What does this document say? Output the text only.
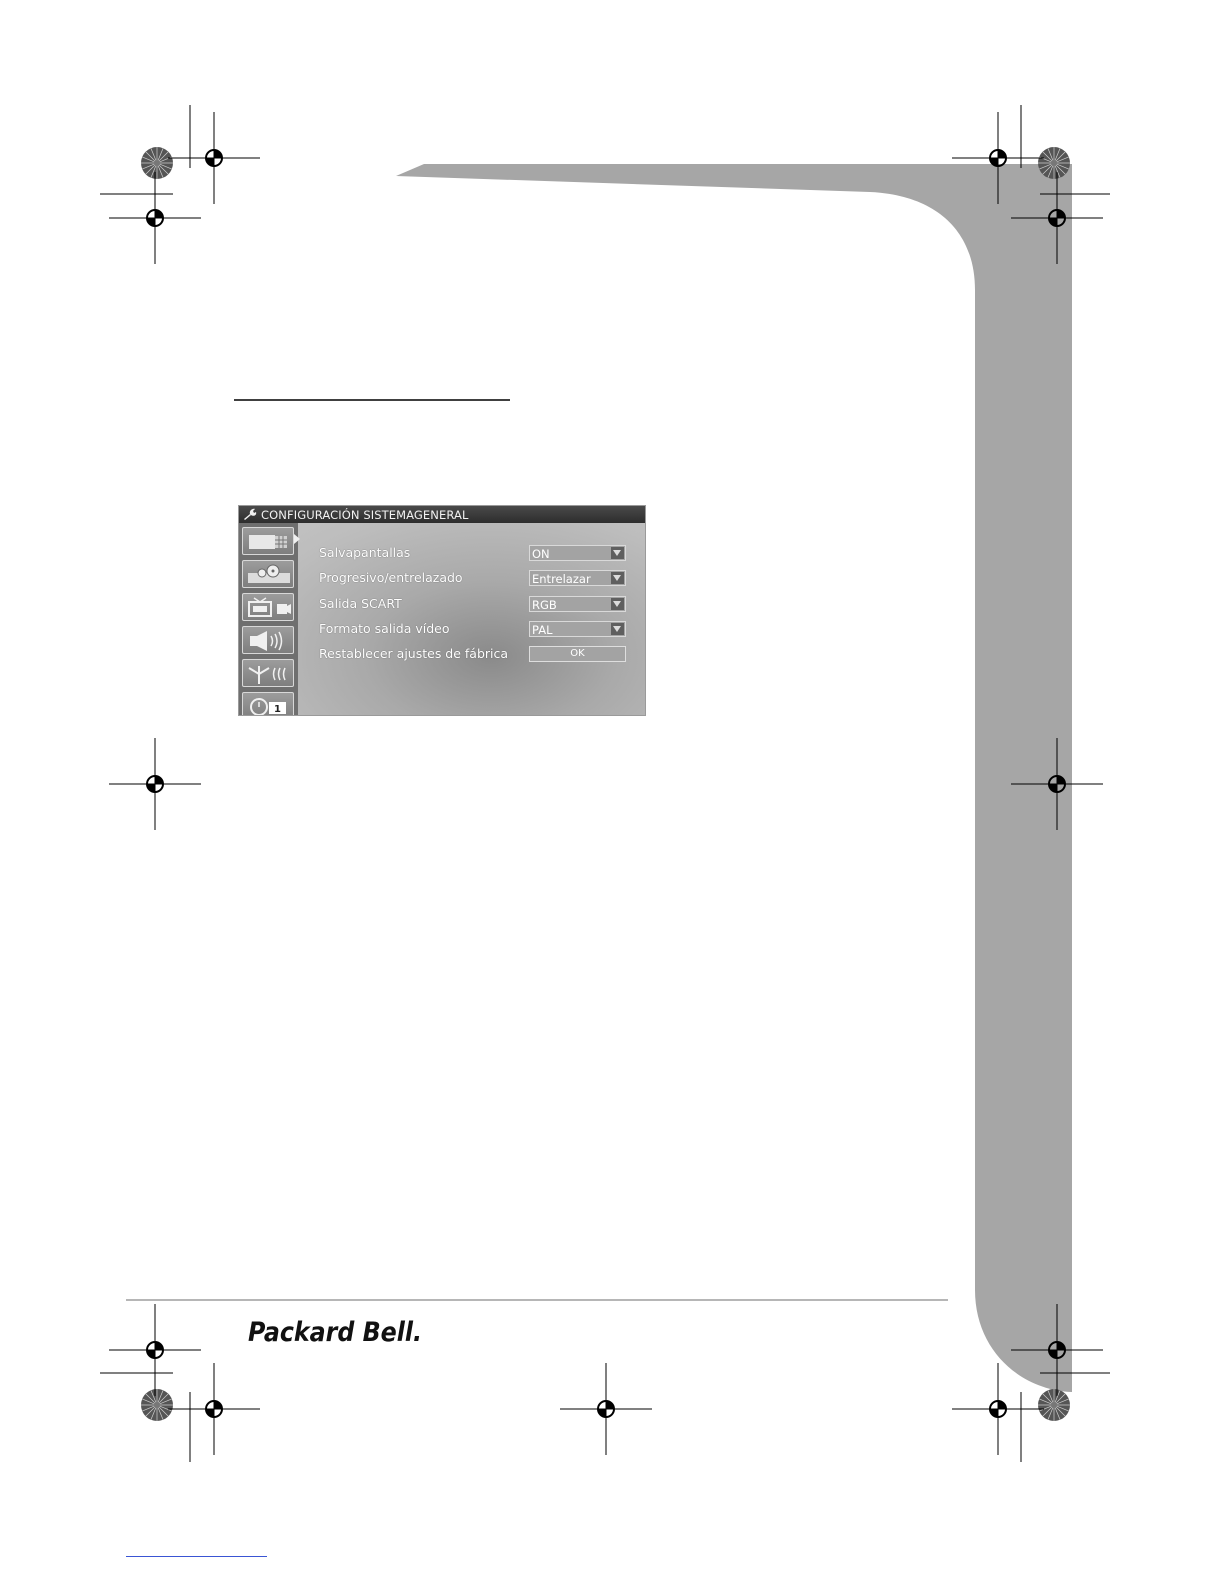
CONFIGURACIÓN SISTEMAGENERAL
1
Salvapantallas	ON
Progresivo/entrelazado	Entrelazar
Salida SCART	RGB
Formato salida vídeo	PAL
Restablecer ajustes de fábrica	OK
Packard Bell.
